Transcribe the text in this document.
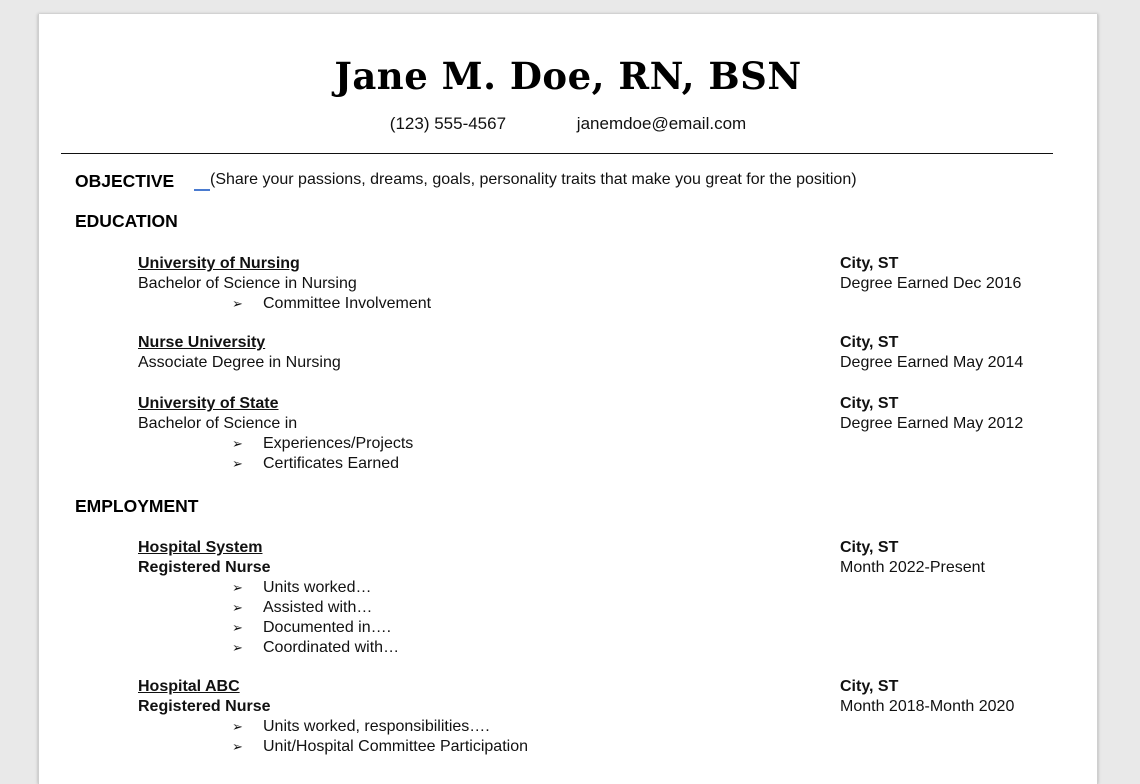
Jane M. Doe, RN, BSN
(123) 555-4567	janemdoe@email.com
OBJECTIVE	(Share your passions, dreams, goals, personality traits that make you great for the position)
EDUCATION
University of Nursing
Bachelor of Science in Nursing
➢ Committee Involvement
City, ST
Degree Earned Dec 2016
Nurse University
Associate Degree in Nursing
City, ST
Degree Earned May 2014
University of State
Bachelor of Science in
➢ Experiences/Projects
➢ Certificates Earned
City, ST
Degree Earned May 2012
EMPLOYMENT
Hospital System
Registered Nurse
➢ Units worked…
➢ Assisted with…
➢ Documented in….
➢ Coordinated with…
City, ST
Month 2022-Present
Hospital ABC
Registered Nurse
➢ Units worked, responsibilities….
➢ Unit/Hospital Committee Participation
City, ST
Month 2018-Month 2020
